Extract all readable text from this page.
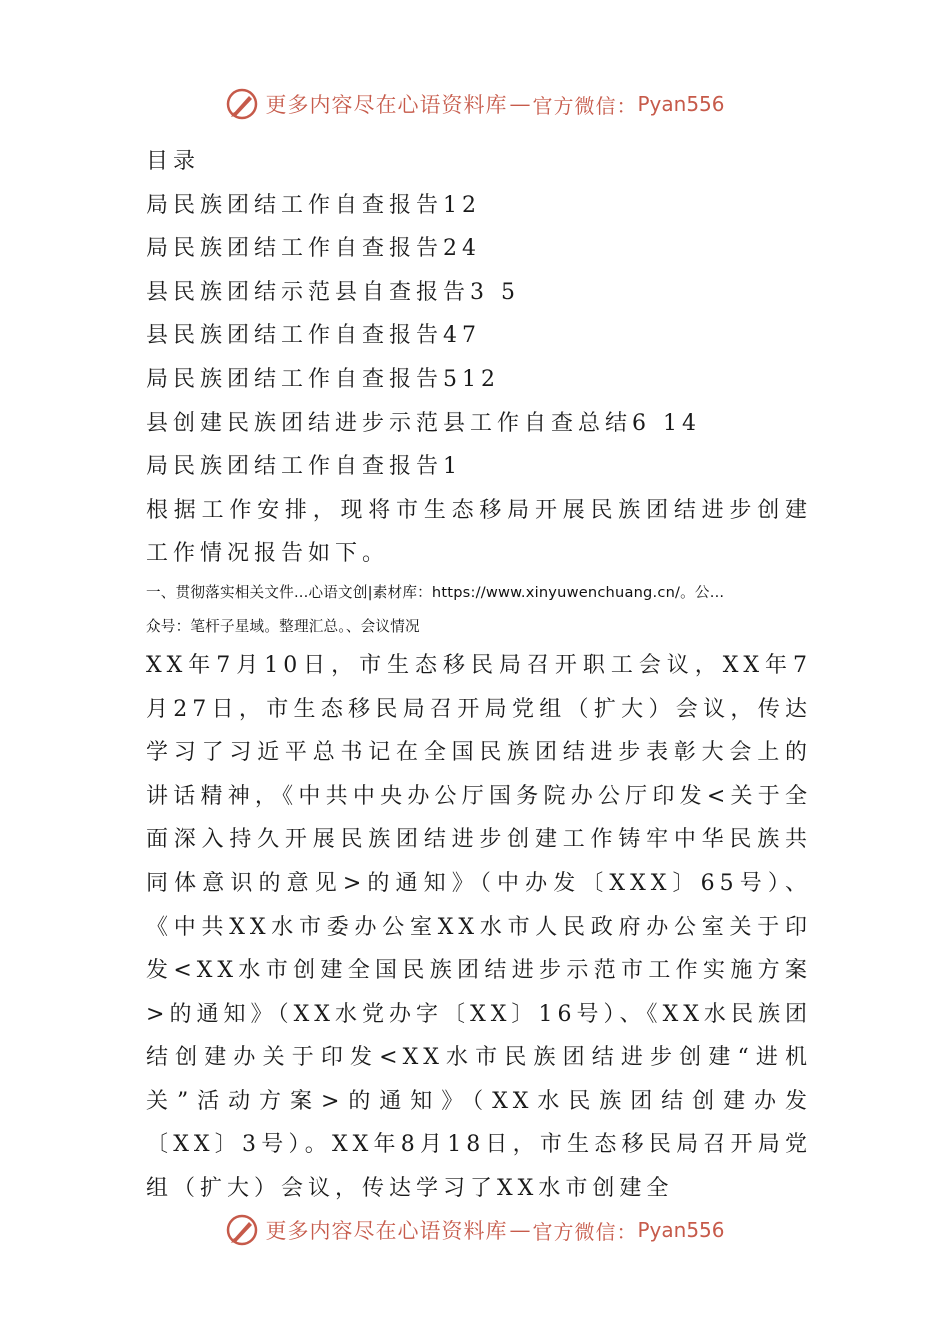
更多内容尽在心语资料库 — 官方微信： Pyan556
目录
局民族团结工作自查报告12
局民族团结工作自查报告24
县民族团结示范县自查报告3 5
县民族团结工作自查报告47
局民族团结工作自查报告512
县创建民族团结进步示范县工作自查总结6 14
局民族团结工作自查报告1

根据工作安排，现将市生态移局开展民族团结进步创建工作情况报告如下。

一、贯彻落实相关文件...心语文创|素材库：https://www.xinyuwenchuang.cn/。公...
众号：笔杆子星域。整理汇总。、会议情况

XX年7月10日，市生态移民局召开职工会议，XX年7月27日，市生态移民局召开局党组（扩大）会议，传达学习了习近平总书记在全国民族团结进步表彰大会上的讲话精神，《中共中央办公厅国务院办公厅印发<关于全面深入持久开展民族团结进步创建工作铸牢中华民族共同体意识的意见>的通知》（中办发〔XXX〕65号）、《中共XX水市委办公室XX水市人民政府办公室关于印发<XX水市创建全国民族团结进步示范市工作实施方案>的通知》（XX水党办字〔XX〕16号）、《XX水民族团结创建办关于印发<XX水市民族团结进步创建“进机关”活动方案>的通知》（XX水民族团结创建办发〔XX〕3号）。XX年8月18日，市生态移民局召开局党组（扩大）会议，传达学习了XX水市创建全

更多内容尽在心语资料库 — 官方微信： Pyan556
